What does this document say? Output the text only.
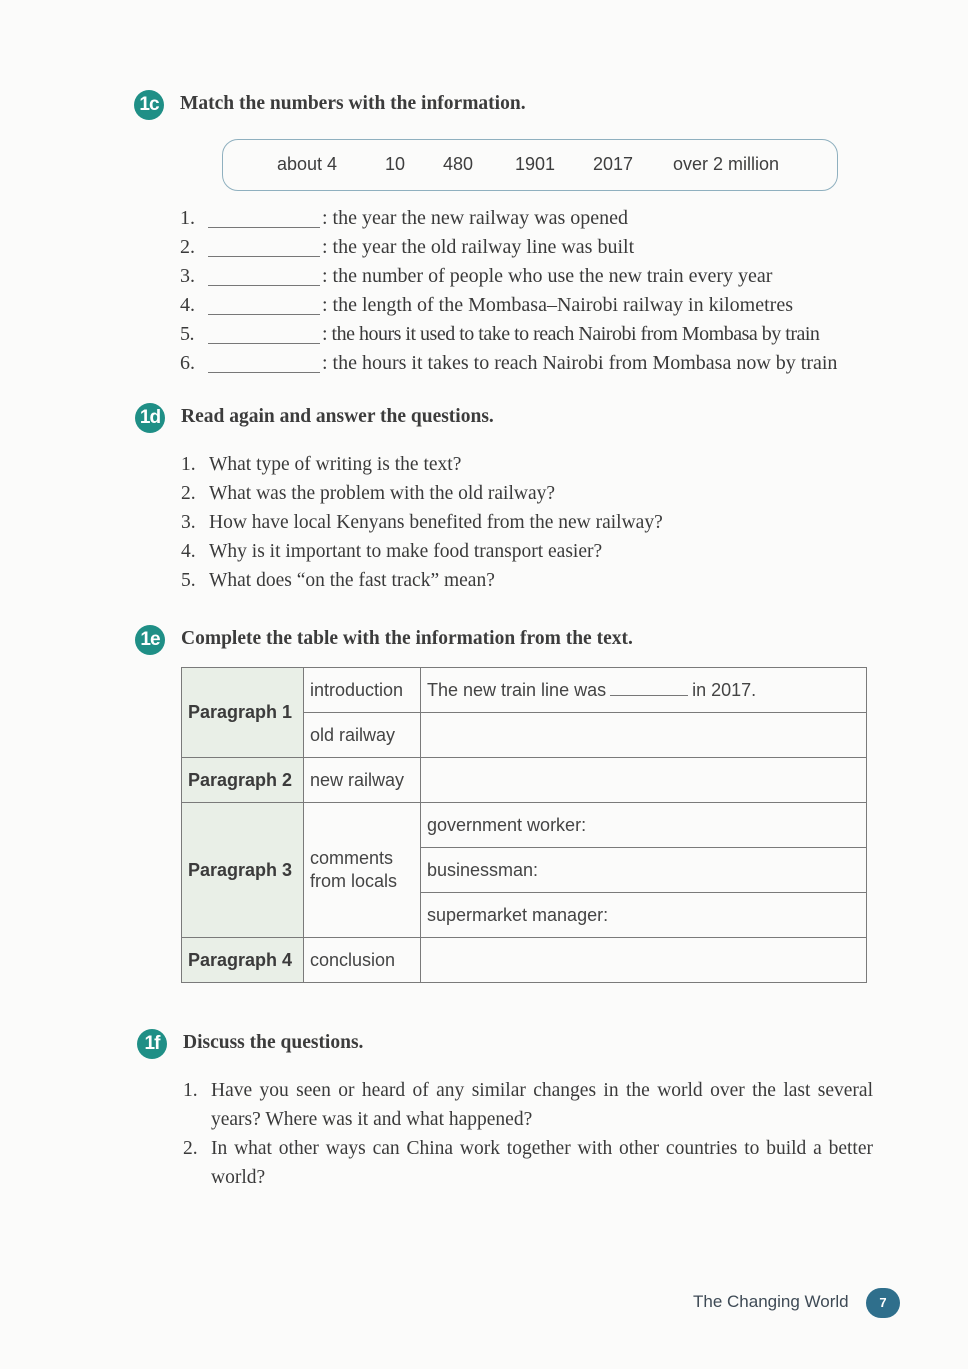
1c Match the numbers with the information.
about 4	10 480 1901 2017 over 2 million
1.	: the year the new railway was opened
2.	: the year the old railway line was built
3.	: the number of people who use the new train every year
4.	: the length of the Mombasa–Nairobi railway in kilometres
5.	: the hours it used to take to reach Nairobi from Mombasa by train
6.	: the hours it takes to reach Nairobi from Mombasa now by train
1d Read again and answer the questions.
1. What type of writing is the text?
2. What was the problem with the old railway?
3. How have local Kenyans benefited from the new railway?
4. Why is it important to make food transport easier?
5. What does “on the fast track” mean?
1e Complete the table with the information from the text.
Paragraph 1	introduction	The new train line was in 2017.
	old railway	
Paragraph 2	new railway	
Paragraph 3	comments from locals	government worker:
		businessman:
		supermarket manager:
Paragraph 4	conclusion	
1f	Discuss the questions.
1. Have you seen or heard of any similar changes in the world over the last several years? Where was it and what happened?
2. In what other ways can China work together with other countries to build a better world?
The Changing World	7
